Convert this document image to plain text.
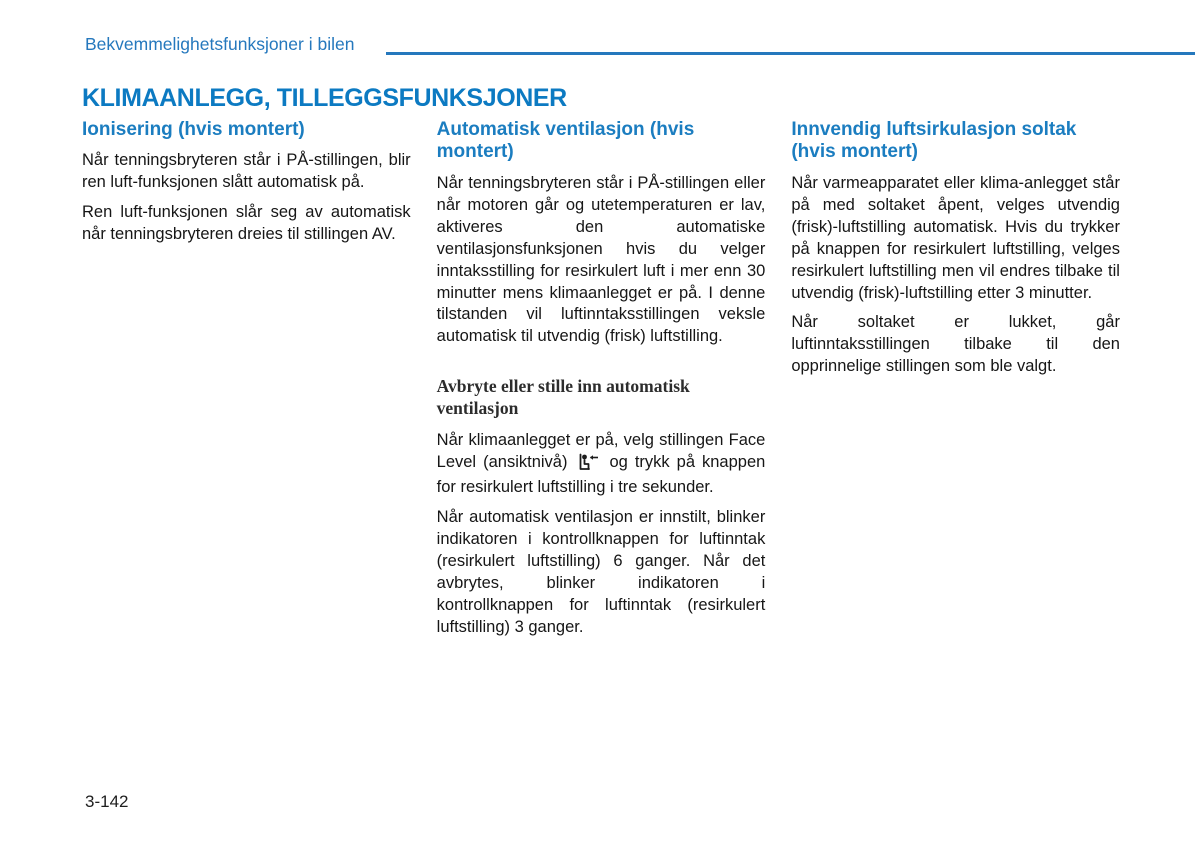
Bekvemmelighetsfunksjoner i bilen
KLIMAANLEGG, TILLEGGSFUNKSJONER
Ionisering (hvis montert)

Når tenningsbryteren står i PÅ-stillingen, blir ren luft-funksjonen slått automatisk på.

Ren luft-funksjonen slår seg av automatisk når tenningsbryteren dreies til stillingen AV.

Automatisk ventilasjon (hvis montert)

Når tenningsbryteren står i PÅ-stillingen eller når motoren går og utetemperaturen er lav, aktiveres den automatiske ventilasjonsfunksjonen hvis du velger inntaksstilling for resirkulert luft i mer enn 30 minutter mens klimaanlegget er på. I denne tilstanden vil luftinntaksstillingen veksle automatisk til utvendig (frisk) luftstilling.

Avbryte eller stille inn automatisk ventilasjon

Når klimaanlegget er på, velg stillingen Face Level (ansiktnivå)	og trykk på knappen for resirkulert luftstilling i tre sekunder.

Når automatisk ventilasjon er innstilt, blinker indikatoren i kontrollknappen for luftinntak (resirkulert luftstilling) 6 ganger. Når det avbrytes, blinker indikatoren i kontrollknappen for luftinntak (resirkulert luftstilling) 3 ganger.

Innvendig luftsirkulasjon soltak (hvis montert)

Når varmeapparatet eller klima-anlegget står på med soltaket åpent, velges utvendig (frisk)-luftstilling automatisk. Hvis du trykker på knappen for resirkulert luftstilling, velges resirkulert luftstilling men vil endres tilbake til utvendig (frisk)-luftstilling etter 3 minutter.

Når soltaket er lukket, går luftinntaksstillingen tilbake til den opprinnelige stillingen som ble valgt.

3-142
